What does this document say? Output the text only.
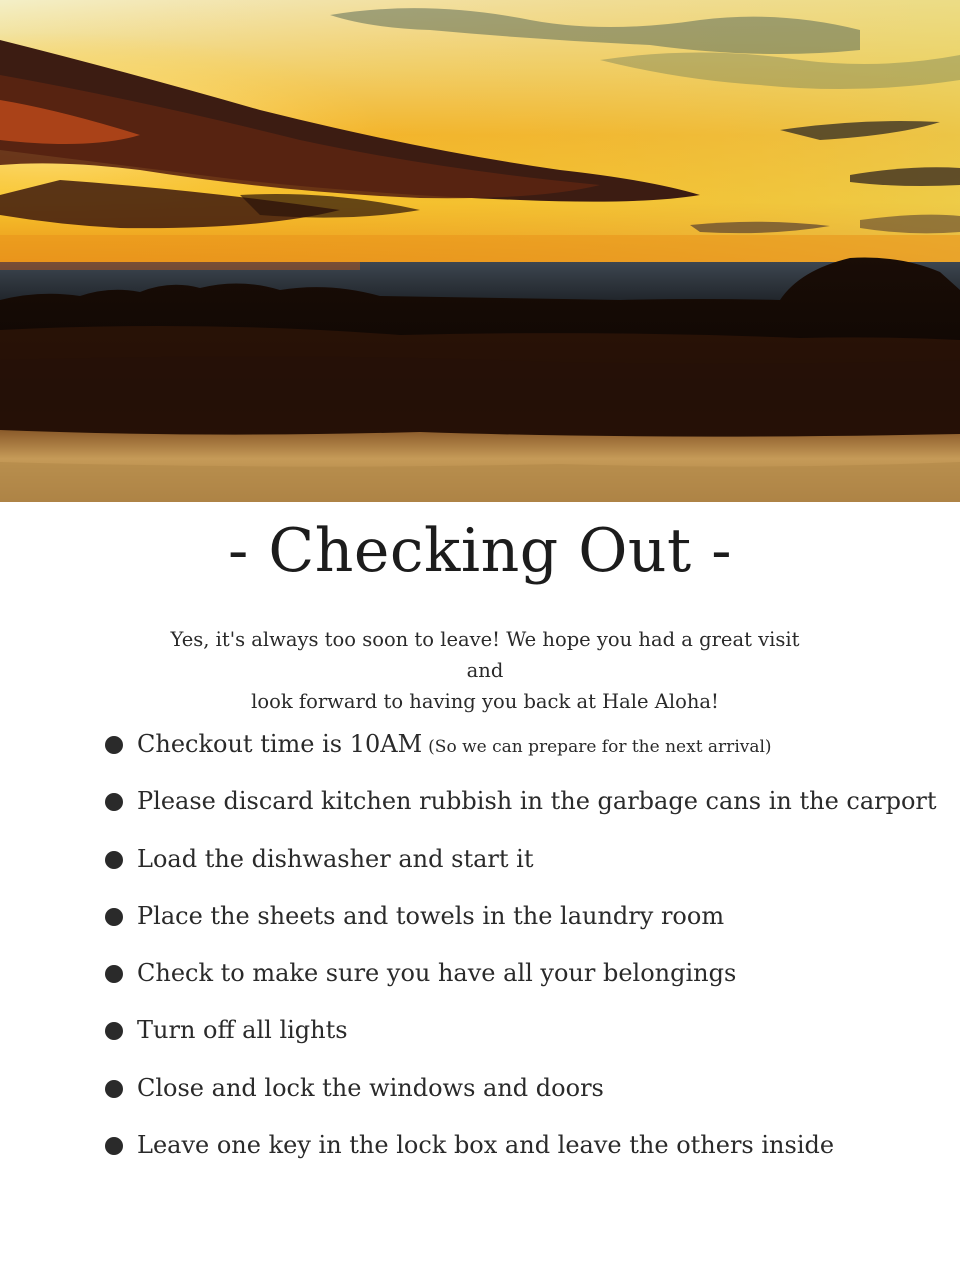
- Checking Out -
Yes, it's always too soon to leave! We hope you had a great visit and
look forward to having you back at Hale Aloha!
Checkout time is 10AM (So we can prepare for the next arrival)
Please discard kitchen rubbish in the garbage cans in the carport
Load the dishwasher and start it
Place the sheets and towels in the laundry room
Check to make sure you have all your belongings
Turn off all lights
Close and lock the windows and doors
Leave one key in the lock box and leave the others inside
